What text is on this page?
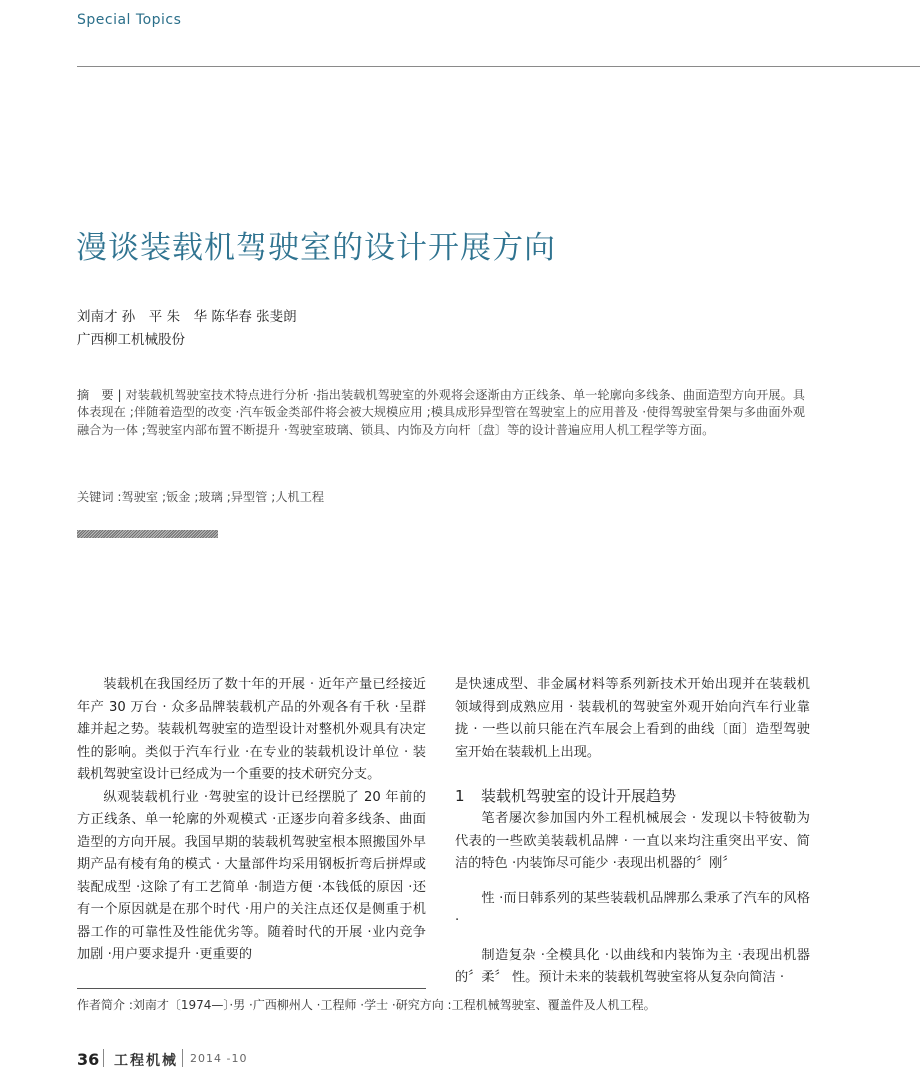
Special Topics
漫谈装载机驾驶室的设计开展方向
刘南才 孙　平 朱　华 陈华春 张斐朗
广西柳工机械股份
摘　要 | 对装载机驾驶室技术特点进行分析 ·指出装载机驾驶室的外观将会逐渐由方正线条、单一轮廓向多线条、曲面造型方向开展。具体表现在 ;伴随着造型的改变 ·汽车钣金类部件将会被大规模应用 ;模具成形异型管在驾驶室上的应用普及 ·使得驾驶室骨架与多曲面外观融合为一体 ;驾驶室内部布置不断提升 ·驾驶室玻璃、锁具、内饰及方向杆〔盘〕等的设计普遍应用人机工程学等方面。
关键词 :驾驶室 ;钣金 ;玻璃 ;异型管 ;人机工程

装载机在我国经历了数十年的开展 · 近年产量已经接近年产 30 万台 · 众多品牌装载机产品的外观各有千秋 ·呈群雄并起之势。装载机驾驶室的造型设计对整机外观具有决定性的影响。类似于汽车行业 ·在专业的装载机设计单位 · 装载机驾驶室设计已经成为一个重要的技术研究分支。

纵观装载机行业 ·驾驶室的设计已经摆脱了 20 年前的方正线条、单一轮廓的外观模式 ·正逐步向着多线条、曲面造型的方向开展。我国早期的装载机驾驶室根本照搬国外早期产品有棱有角的模式 · 大量部件均采用钢板折弯后拼焊或装配成型 ·这除了有工艺简单 ·制造方便 ·本钱低的原因 ·还有一个原因就是在那个时代 ·用户的关注点还仅是侧重于机器工作的可靠性及性能优劣等。随着时代的开展 ·业内竞争加剧 ·用户要求提升 ·更重要的

是快速成型、非金属材料等系列新技术开始出现并在装载机领域得到成熟应用 · 装载机的驾驶室外观开始向汽车行业靠拢 · 一些以前只能在汽车展会上看到的曲线〔面〕造型驾驶室开始在装载机上出现。

1 装载机驾驶室的设计开展趋势

笔者屡次参加国内外工程机械展会 · 发现以卡特彼勒为代表的一些欧美装载机品牌 · 一直以来均注重突出平安、简洁的特色 ·内装饰尽可能少 ·表现出机器的〞刚〞

性 ·而日韩系列的某些装载机品牌那么秉承了汽车的风格 ·

制造复杂 ·全模具化 ·以曲线和内装饰为主 ·表现出机器的〞柔〞 性。预计未来的装载机驾驶室将从复杂向简洁 ·

作者简介 :刘南才〔1974—〕·男 ·广西柳州人 ·工程师 ·学士 ·研究方向 :工程机械驾驶室、覆盖件及人机工程。
36 工程机械 2014 -10
